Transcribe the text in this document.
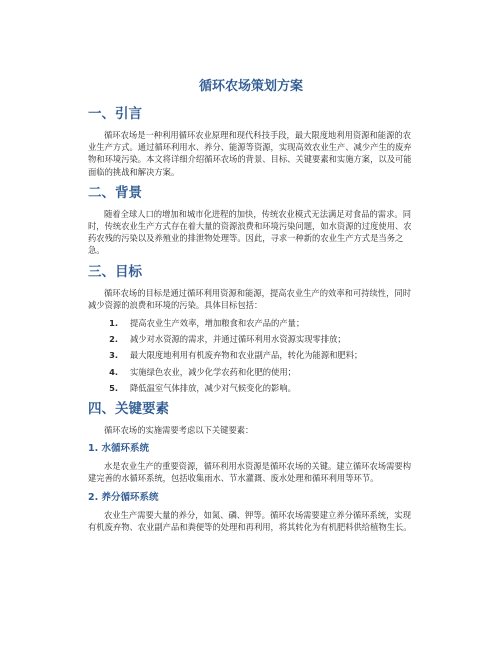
循环农场策划方案
一、引言
循环农场是一种利用循环农业原理和现代科技手段，最大限度地利用资源和能源的农业生产方式。通过循环利用水、养分、能源等资源，实现高效农业生产、减少产生的废弃物和环境污染。本文将详细介绍循环农场的背景、目标、关键要素和实施方案，以及可能面临的挑战和解决方案。
二、背景
随着全球人口的增加和城市化进程的加快，传统农业模式无法满足对食品的需求。同时，传统农业生产方式存在着大量的资源浪费和环境污染问题，如水资源的过度使用、农药农残的污染以及养殖业的排泄物处理等。因此，寻求一种新的农业生产方式是当务之急。
三、目标
循环农场的目标是通过循环利用资源和能源，提高农业生产的效率和可持续性，同时减少资源的浪费和环境的污染。具体目标包括：
1.	提高农业生产效率，增加粮食和农产品的产量；
2.	减少对水资源的需求，并通过循环利用水资源实现零排放；
3.	最大限度地利用有机废弃物和农业副产品，转化为能源和肥料；
4.	实施绿色农业，减少化学农药和化肥的使用；
5.	降低温室气体排放，减少对气候变化的影响。
四、关键要素
循环农场的实施需要考虑以下关键要素：
1. 水循环系统
水是农业生产的重要资源，循环利用水资源是循环农场的关键。建立循环农场需要构建完善的水循环系统，包括收集雨水、节水灌溉、废水处理和循环利用等环节。
2. 养分循环系统
农业生产需要大量的养分，如氮、磷、钾等。循环农场需要建立养分循环系统，实现有机废弃物、农业副产品和粪便等的处理和再利用，将其转化为有机肥料供给植物生长。
